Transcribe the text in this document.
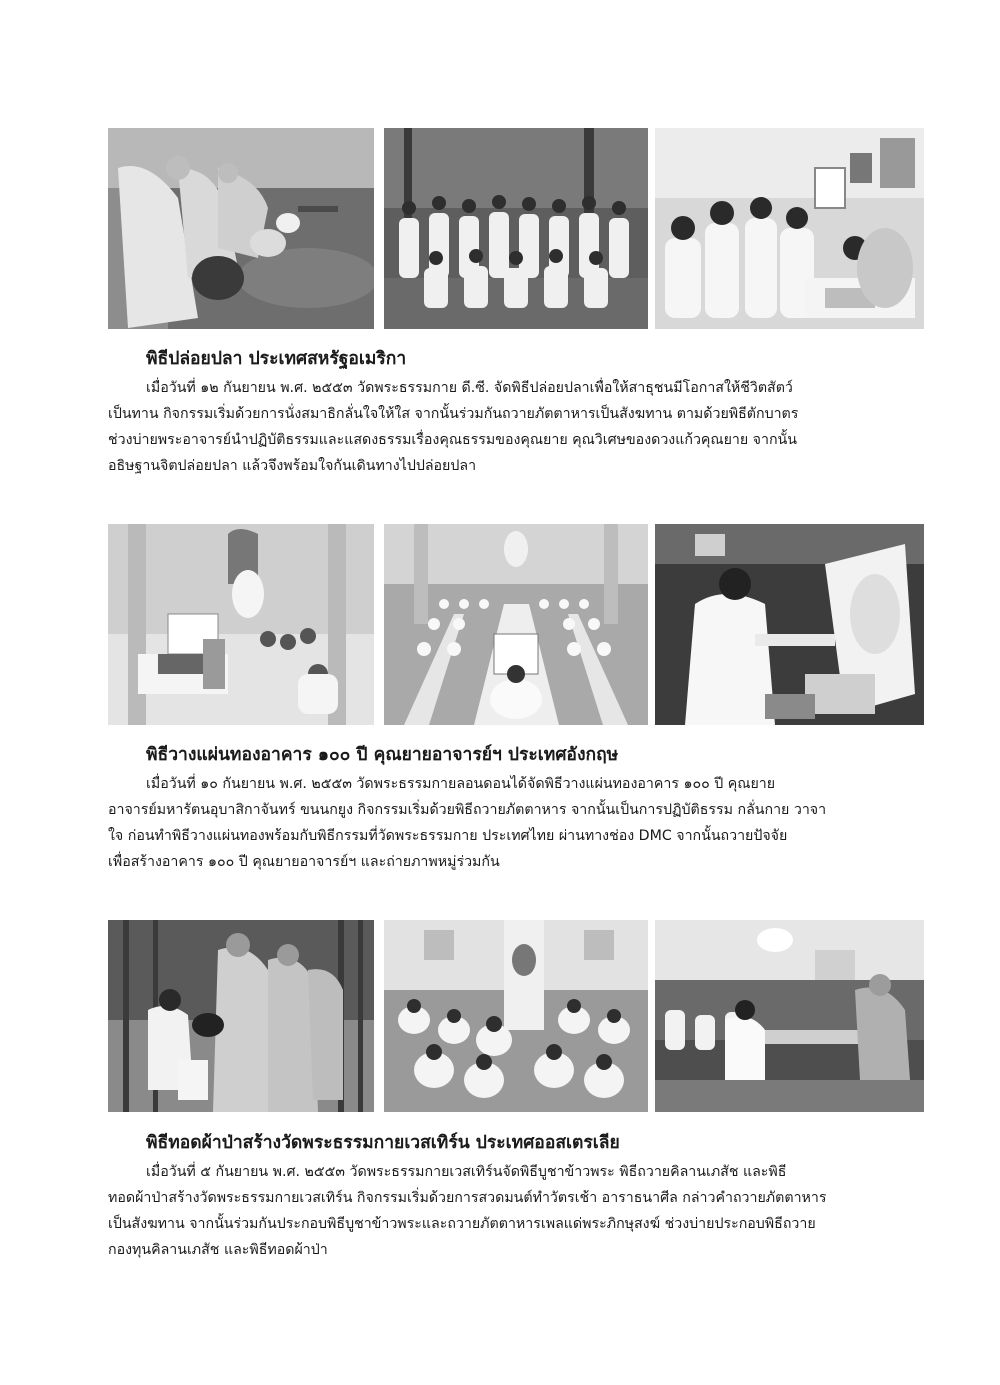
พิธีปล่อยปลา ประเทศสหรัฐอเมริกา
เมื่อวันที่ ๑๒ กันยายน พ.ศ. ๒๕๕๓ วัดพระธรรมกาย ดี.ซี. จัดพิธีปล่อยปลาเพื่อให้สาธุชนมีโอกาสให้ชีวิตสัตว์
เป็นทาน กิจกรรมเริ่มด้วยการนั่งสมาธิกลั่นใจให้ใส จากนั้นร่วมกันถวายภัตตาหารเป็นสังฆทาน ตามด้วยพิธีตักบาตร
ช่วงบ่ายพระอาจารย์นำปฏิบัติธรรมและแสดงธรรมเรื่องคุณธรรมของคุณยาย คุณวิเศษของดวงแก้วคุณยาย จากนั้น
อธิษฐานจิตปล่อยปลา แล้วจึงพร้อมใจกันเดินทางไปปล่อยปลา
พิธีวางแผ่นทองอาคาร ๑๐๐ ปี คุณยายอาจารย์ฯ ประเทศอังกฤษ
เมื่อวันที่ ๑๐ กันยายน พ.ศ. ๒๕๕๓ วัดพระธรรมกายลอนดอนได้จัดพิธีวางแผ่นทองอาคาร ๑๐๐ ปี คุณยาย
อาจารย์มหารัตนอุบาสิกาจันทร์ ขนนกยูง กิจกรรมเริ่มด้วยพิธีถวายภัตตาหาร จากนั้นเป็นการปฏิบัติธรรม กลั่นกาย วาจา
ใจ ก่อนทำพิธีวางแผ่นทองพร้อมกับพิธีกรรมที่วัดพระธรรมกาย ประเทศไทย ผ่านทางช่อง DMC จากนั้นถวายปัจจัย
เพื่อสร้างอาคาร ๑๐๐ ปี คุณยายอาจารย์ฯ และถ่ายภาพหมู่ร่วมกัน
พิธีทอดผ้าป่าสร้างวัดพระธรรมกายเวสเทิร์น ประเทศออสเตรเลีย
เมื่อวันที่ ๕ กันยายน พ.ศ. ๒๕๕๓ วัดพระธรรมกายเวสเทิร์นจัดพิธีบูชาข้าวพระ พิธีถวายคิลานเภสัช และพิธี
ทอดผ้าป่าสร้างวัดพระธรรมกายเวสเทิร์น กิจกรรมเริ่มด้วยการสวดมนต์ทำวัตรเช้า อาราธนาศีล กล่าวคำถวายภัตตาหาร
เป็นสังฆทาน จากนั้นร่วมกันประกอบพิธีบูชาข้าวพระและถวายภัตตาหารเพลแด่พระภิกษุสงฆ์ ช่วงบ่ายประกอบพิธีถวาย
กองทุนคิลานเภสัช และพิธีทอดผ้าป่า
